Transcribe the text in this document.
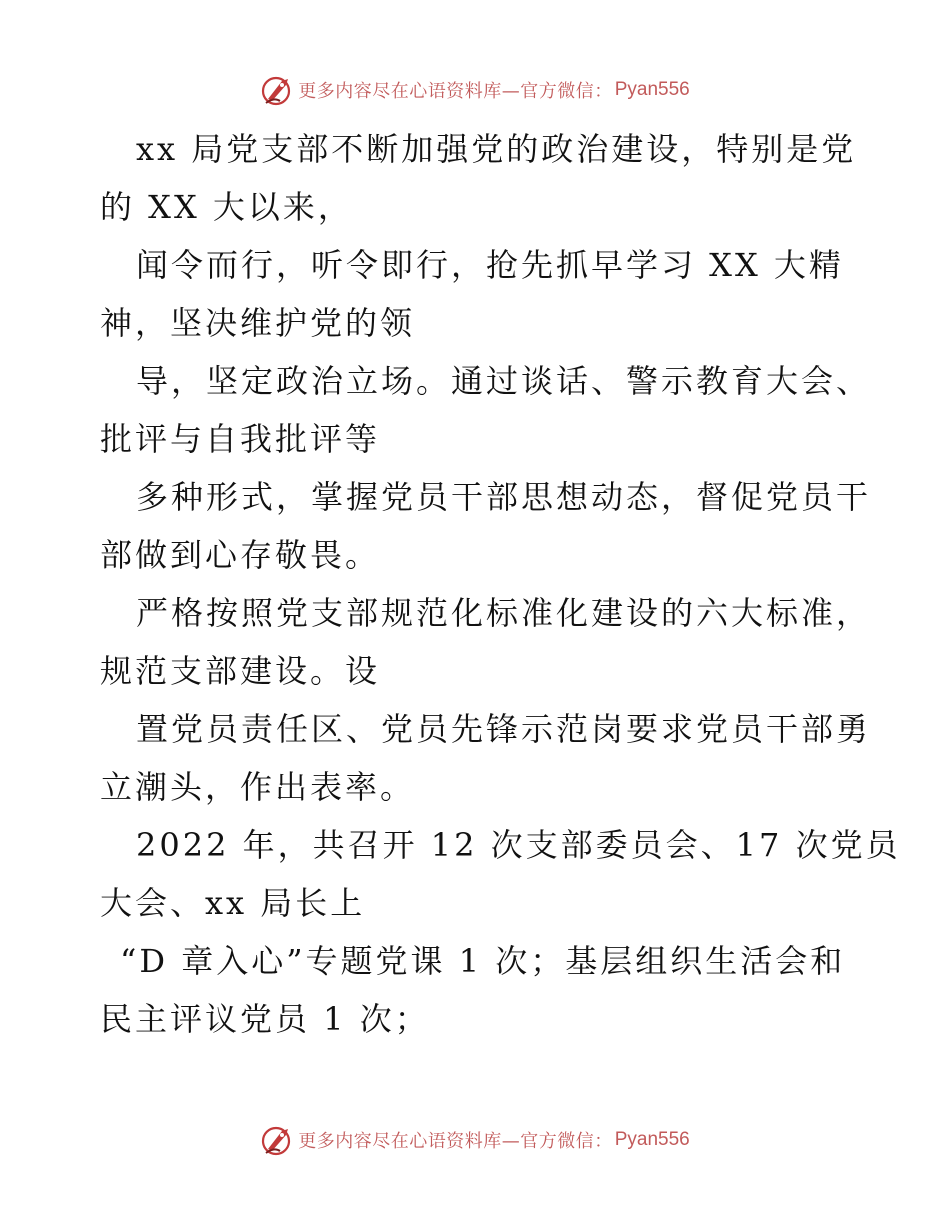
更多内容尽在心语资料库—官方微信： Pyan556
xx 局党支部不断加强党的政治建设，特别是党
的 XX 大以来，
闻令而行，听令即行，抢先抓早学习 XX 大精
神，坚决维护党的领
导，坚定政治立场。通过谈话、警示教育大会、
批评与自我批评等
多种形式，掌握党员干部思想动态，督促党员干
部做到心存敬畏。
严格按照党支部规范化标准化建设的六大标准，
规范支部建设。设
置党员责任区、党员先锋示范岗要求党员干部勇
立潮头，作出表率。
2022 年，共召开 12 次支部委员会、17 次党员
大会、xx 局长上
“D 章入心”专题党课 1 次；基层组织生活会和
民主评议党员 1 次；
更多内容尽在心语资料库—官方微信： Pyan556
